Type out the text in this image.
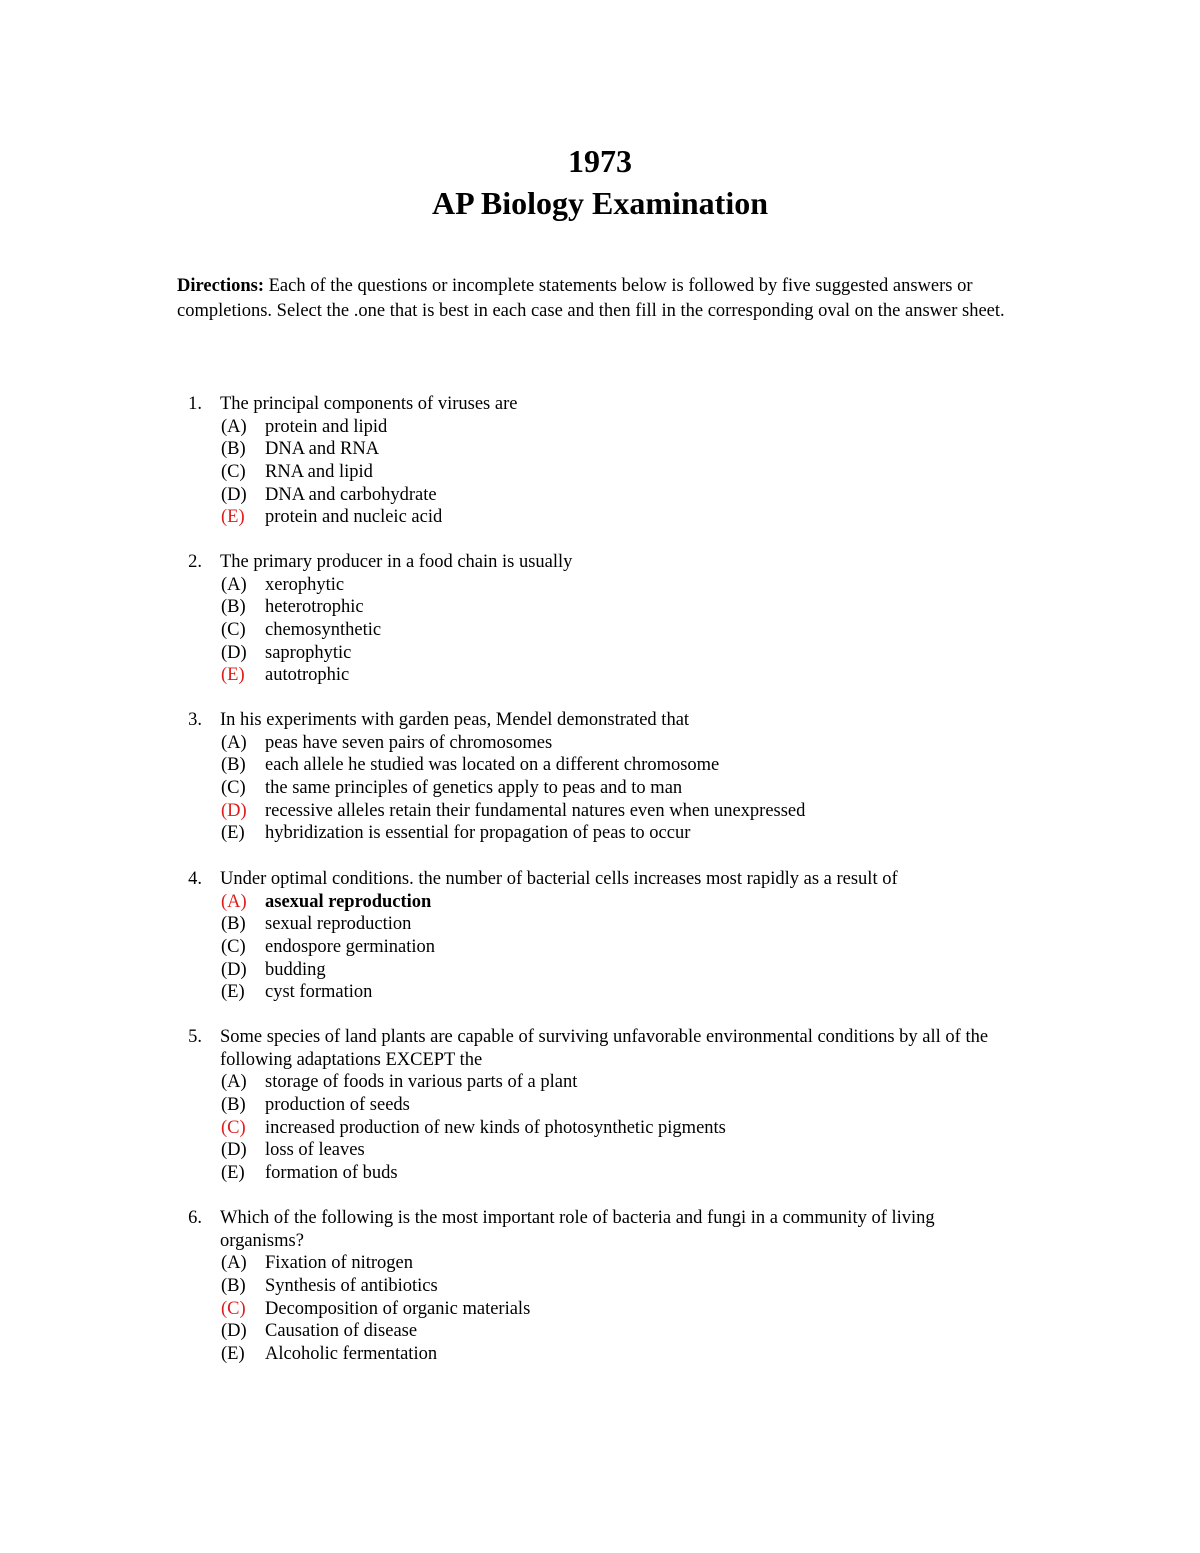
1973
AP Biology Examination
Directions: Each of the questions or incomplete statements below is followed by five suggested answers or completions. Select the .one that is best in each case and then fill in the corresponding oval on the answer sheet.
1. The principal components of viruses are
(A) protein and lipid
(B)	DNA and RNA
(C)	RNA and lipid
(D) DNA and carbohydrate
(E)	protein and nucleic acid
2. The primary producer in a food chain is usually
(A) xerophytic
(B)	heterotrophic
(C)	chemosynthetic
(D) saprophytic
(E)	autotrophic
3. In his experiments with garden peas, Mendel demonstrated that
(A) peas have seven pairs of chromosomes
(B)	each allele he studied was located on a different chromosome
(C)	the same principles of genetics apply to peas and to man
(D) recessive alleles retain their fundamental natures even when unexpressed
(E)	hybridization is essential for propagation of peas to occur
4. Under optimal conditions. the number of bacterial cells increases most rapidly as a result of
(A) asexual reproduction
(B)	sexual reproduction
(C)	endospore germination
(D) budding
(E)	cyst formation
5. Some species of land plants are capable of surviving unfavorable environmental conditions by all of the following adaptations EXCEPT the
(A) storage of foods in various parts of a plant
(B)	production of seeds
(C)	increased production of new kinds of photosynthetic pigments
(D) loss of leaves
(E)	formation of buds
6. Which of the following is the most important role of bacteria and fungi in a community of living organisms?
(A) Fixation of nitrogen
(B)	Synthesis of antibiotics
(C)	Decomposition of organic materials
(D) Causation of disease
(E)	Alcoholic fermentation
